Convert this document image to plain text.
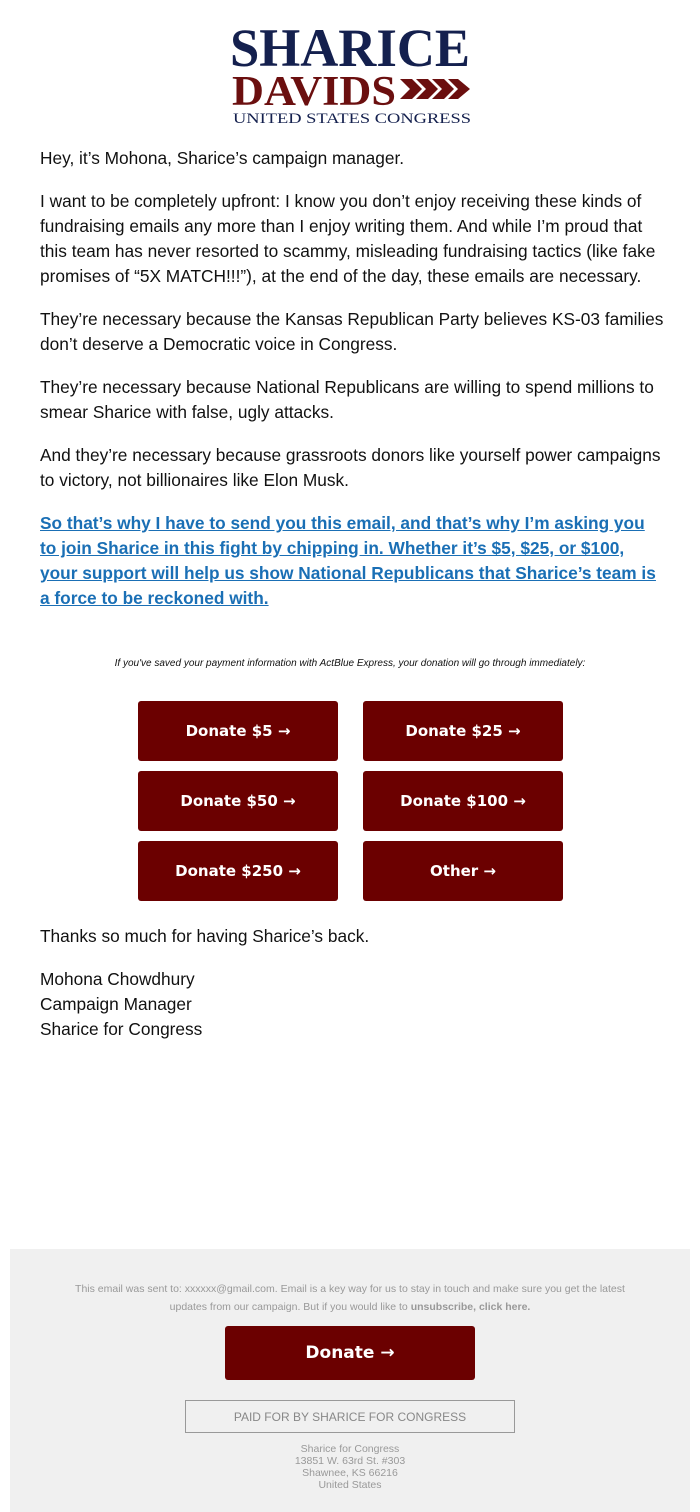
SHARICE
DAVIDS
UNITED STATES CONGRESS

Hey, it’s Mohona, Sharice’s campaign manager.

I want to be completely upfront: I know you don’t enjoy receiving these kinds of fundraising emails any more than I enjoy writing them. And while I’m proud that this team has never resorted to scammy, misleading fundraising tactics (like fake promises of “5X MATCH!!!”), at the end of the day, these emails are necessary.

They’re necessary because the Kansas Republican Party believes KS-03 families don’t deserve a Democratic voice in Congress.

They’re necessary because National Republicans are willing to spend millions to smear Sharice with false, ugly attacks.

And they’re necessary because grassroots donors like yourself power campaigns to victory, not billionaires like Elon Musk.

So that’s why I have to send you this email, and that’s why I’m asking you to join Sharice in this fight by chipping in. Whether it’s $5, $25, or $100, your support will help us show National Republicans that Sharice’s team is a force to be reckoned with.

If you've saved your payment information with ActBlue Express, your donation will go through immediately:
Donate $5 →	Donate $25 →
Donate $50 →	Donate $100 →
Donate $250 →	Other →

Thanks so much for having Sharice’s back.

Mohona Chowdhury
Campaign Manager
Sharice for Congress

This email was sent to: xxxxxx@gmail.com. Email is a key way for us to stay in touch and make sure you get the latest updates from our campaign. But if you would like to unsubscribe, click here.
Donate →
PAID FOR BY SHARICE FOR CONGRESS
Sharice for Congress
13851 W. 63rd St. #303
Shawnee, KS 66216
United States
